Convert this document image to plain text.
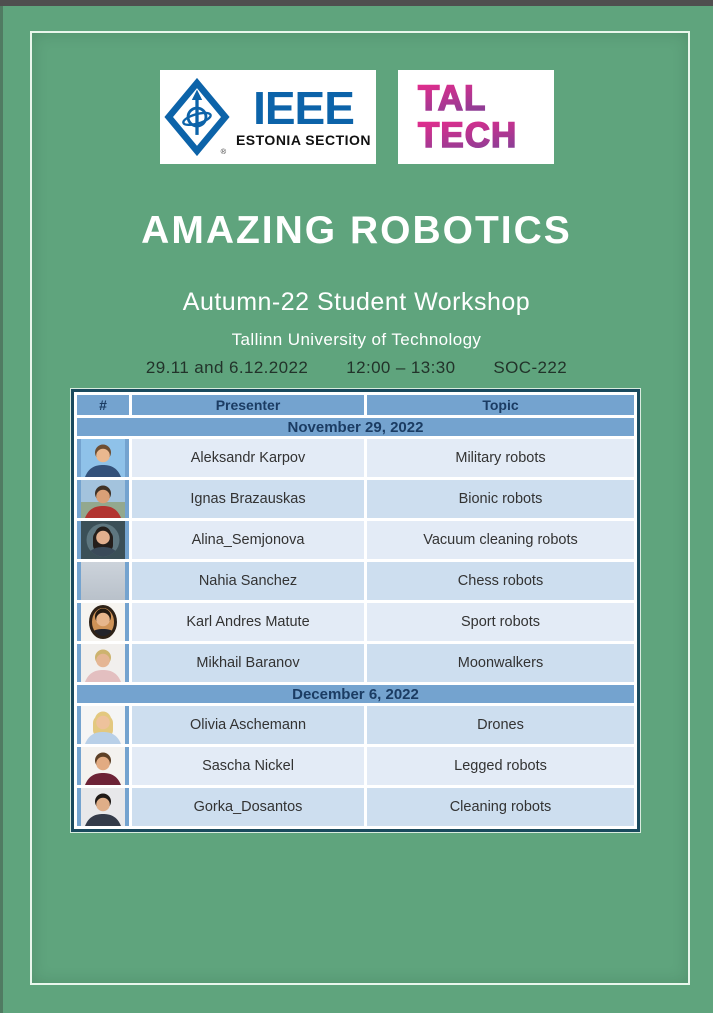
®
IEEE
ESTONIA SECTION
TAL
TECH
AMAZING ROBOTICS
Autumn-22 Student Workshop
Tallinn University of Technology
29.11 and 6.12.2022 12:00 – 13:30 SOC-222
#	Presenter	Topic
November 29, 2022		

	Aleksandr Karpov	Military robots

	Ignas Brazauskas	Bionic robots

	Alina_Semjonova	Vacuum cleaning robots

	Nahia Sanchez	Chess robots

	Karl Andres Matute	Sport robots

	Mikhail Baranov	Moonwalkers
December 6, 2022		

	Olivia Aschemann	Drones

	Sascha Nickel	Legged robots

	Gorka_Dosantos	Cleaning robots
